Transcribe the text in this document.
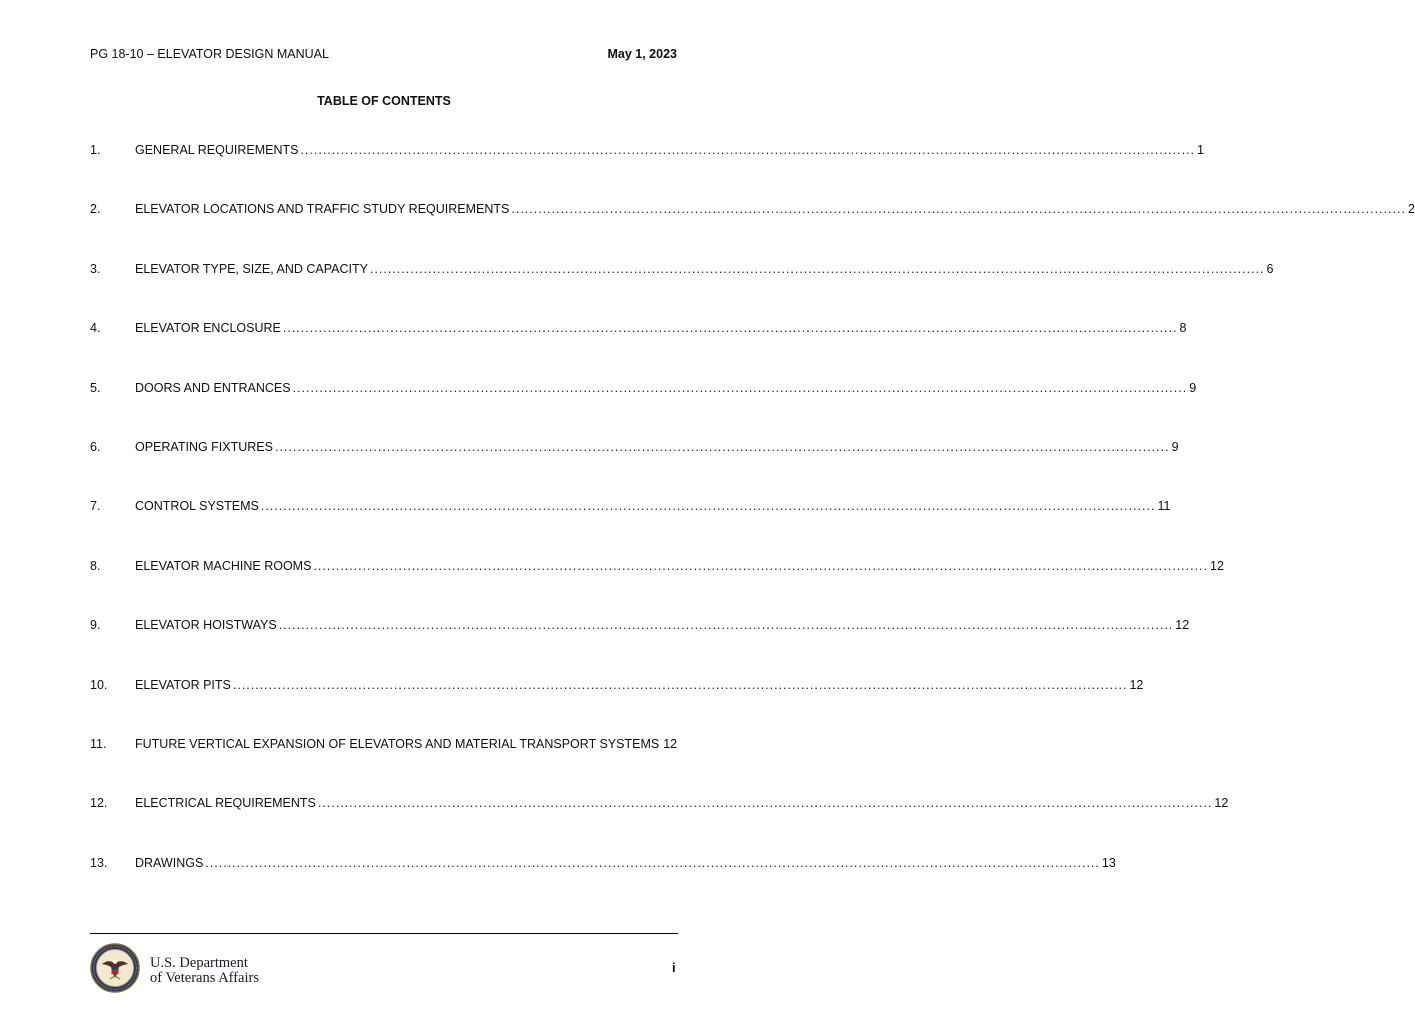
PG 18-10 – ELEVATOR DESIGN MANUAL	May 1, 2023
TABLE OF CONTENTS
1.	GENERAL REQUIREMENTS ........................................................................................................................................................................................................ 1
2.	ELEVATOR LOCATIONS AND TRAFFIC STUDY REQUIREMENTS ........................................................................................................................................................................................................ 2
3.	ELEVATOR TYPE, SIZE, AND CAPACITY ........................................................................................................................................................................................................ 6
4.	ELEVATOR ENCLOSURE ........................................................................................................................................................................................................ 8
5.	DOORS AND ENTRANCES ........................................................................................................................................................................................................ 9
6.	OPERATING FIXTURES ........................................................................................................................................................................................................ 9
7.	CONTROL SYSTEMS ........................................................................................................................................................................................................ 11
8.	ELEVATOR MACHINE ROOMS ........................................................................................................................................................................................................ 12
9.	ELEVATOR HOISTWAYS ........................................................................................................................................................................................................ 12
10. ELEVATOR PITS ........................................................................................................................................................................................................ 12
11. FUTURE VERTICAL EXPANSION OF ELEVATORS AND MATERIAL TRANSPORT SYSTEMS 12
12. ELECTRICAL REQUIREMENTS ........................................................................................................................................................................................................ 12
13. DRAWINGS ........................................................................................................................................................................................................ 13
U.S. Department
of Veterans Affairs
i
